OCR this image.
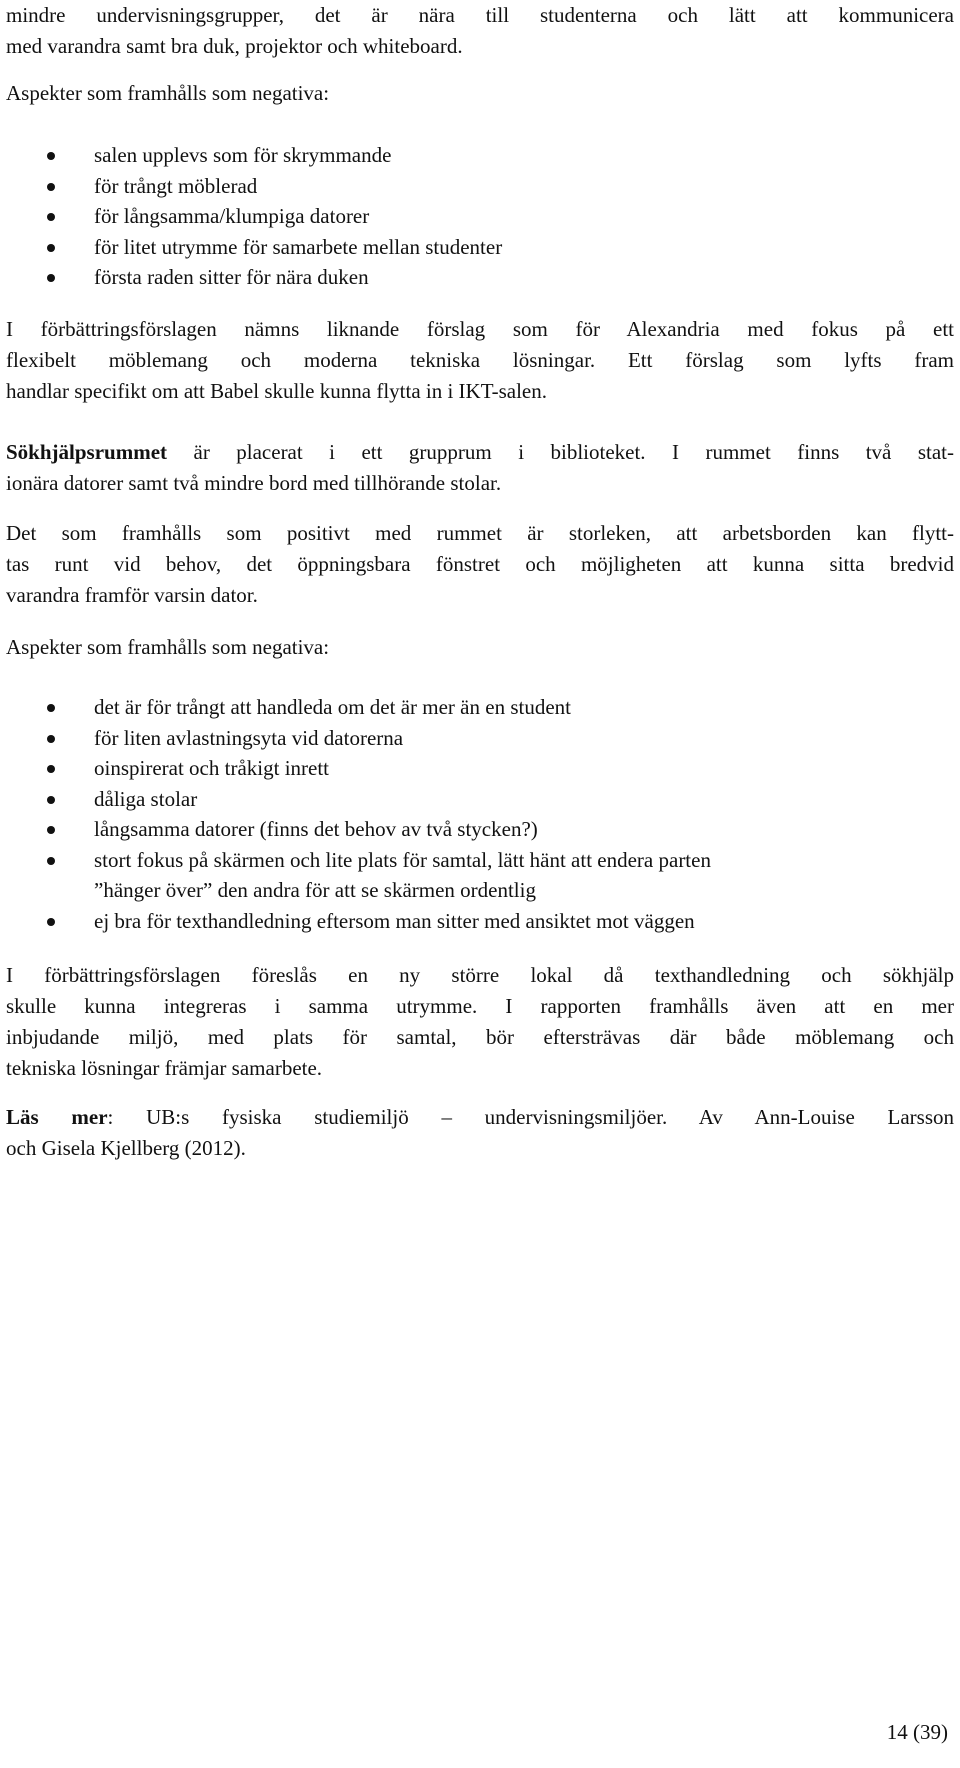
mindre undervisningsgrupper, det är nära till studenterna och lätt att kommunicera
med varandra samt bra duk, projektor och whiteboard.

Aspekter som framhålls som negativa:

salen upplevs som för skrymmande
för trångt möblerad
för långsamma/klumpiga datorer
för litet utrymme för samarbete mellan studenter
första raden sitter för nära duken

I förbättringsförslagen nämns liknande förslag som för Alexandria med fokus på ett
flexibelt möblemang och moderna tekniska lösningar. Ett förslag som lyfts fram
handlar specifikt om att Babel skulle kunna flytta in i IKT-salen.

Sökhjälpsrummet är placerat i ett grupprum i biblioteket. I rummet finns två stat-
ionära datorer samt två mindre bord med tillhörande stolar.

Det som framhålls som positivt med rummet är storleken, att arbetsborden kan flytt-
tas runt vid behov, det öppningsbara fönstret och möjligheten att kunna sitta bredvid
varandra framför varsin dator.

Aspekter som framhålls som negativa:

det är för trångt att handleda om det är mer än en student
för liten avlastningsyta vid datorerna
oinspirerat och tråkigt inrett
dåliga stolar
långsamma datorer (finns det behov av två stycken?)
stort fokus på skärmen och lite plats för samtal, lätt hänt att endera parten
”hänger över” den andra för att se skärmen ordentlig
ej bra för texthandledning eftersom man sitter med ansiktet mot väggen

I förbättringsförslagen föreslås en ny större lokal då texthandledning och sökhjälp
skulle kunna integreras i samma utrymme. I rapporten framhålls även att en mer
inbjudande miljö, med plats för samtal, bör eftersträvas där både möblemang och
tekniska lösningar främjar samarbete.

Läs mer: UB:s fysiska studiemiljö – undervisningsmiljöer. Av Ann-Louise Larsson
och Gisela Kjellberg (2012).

14 (39)
